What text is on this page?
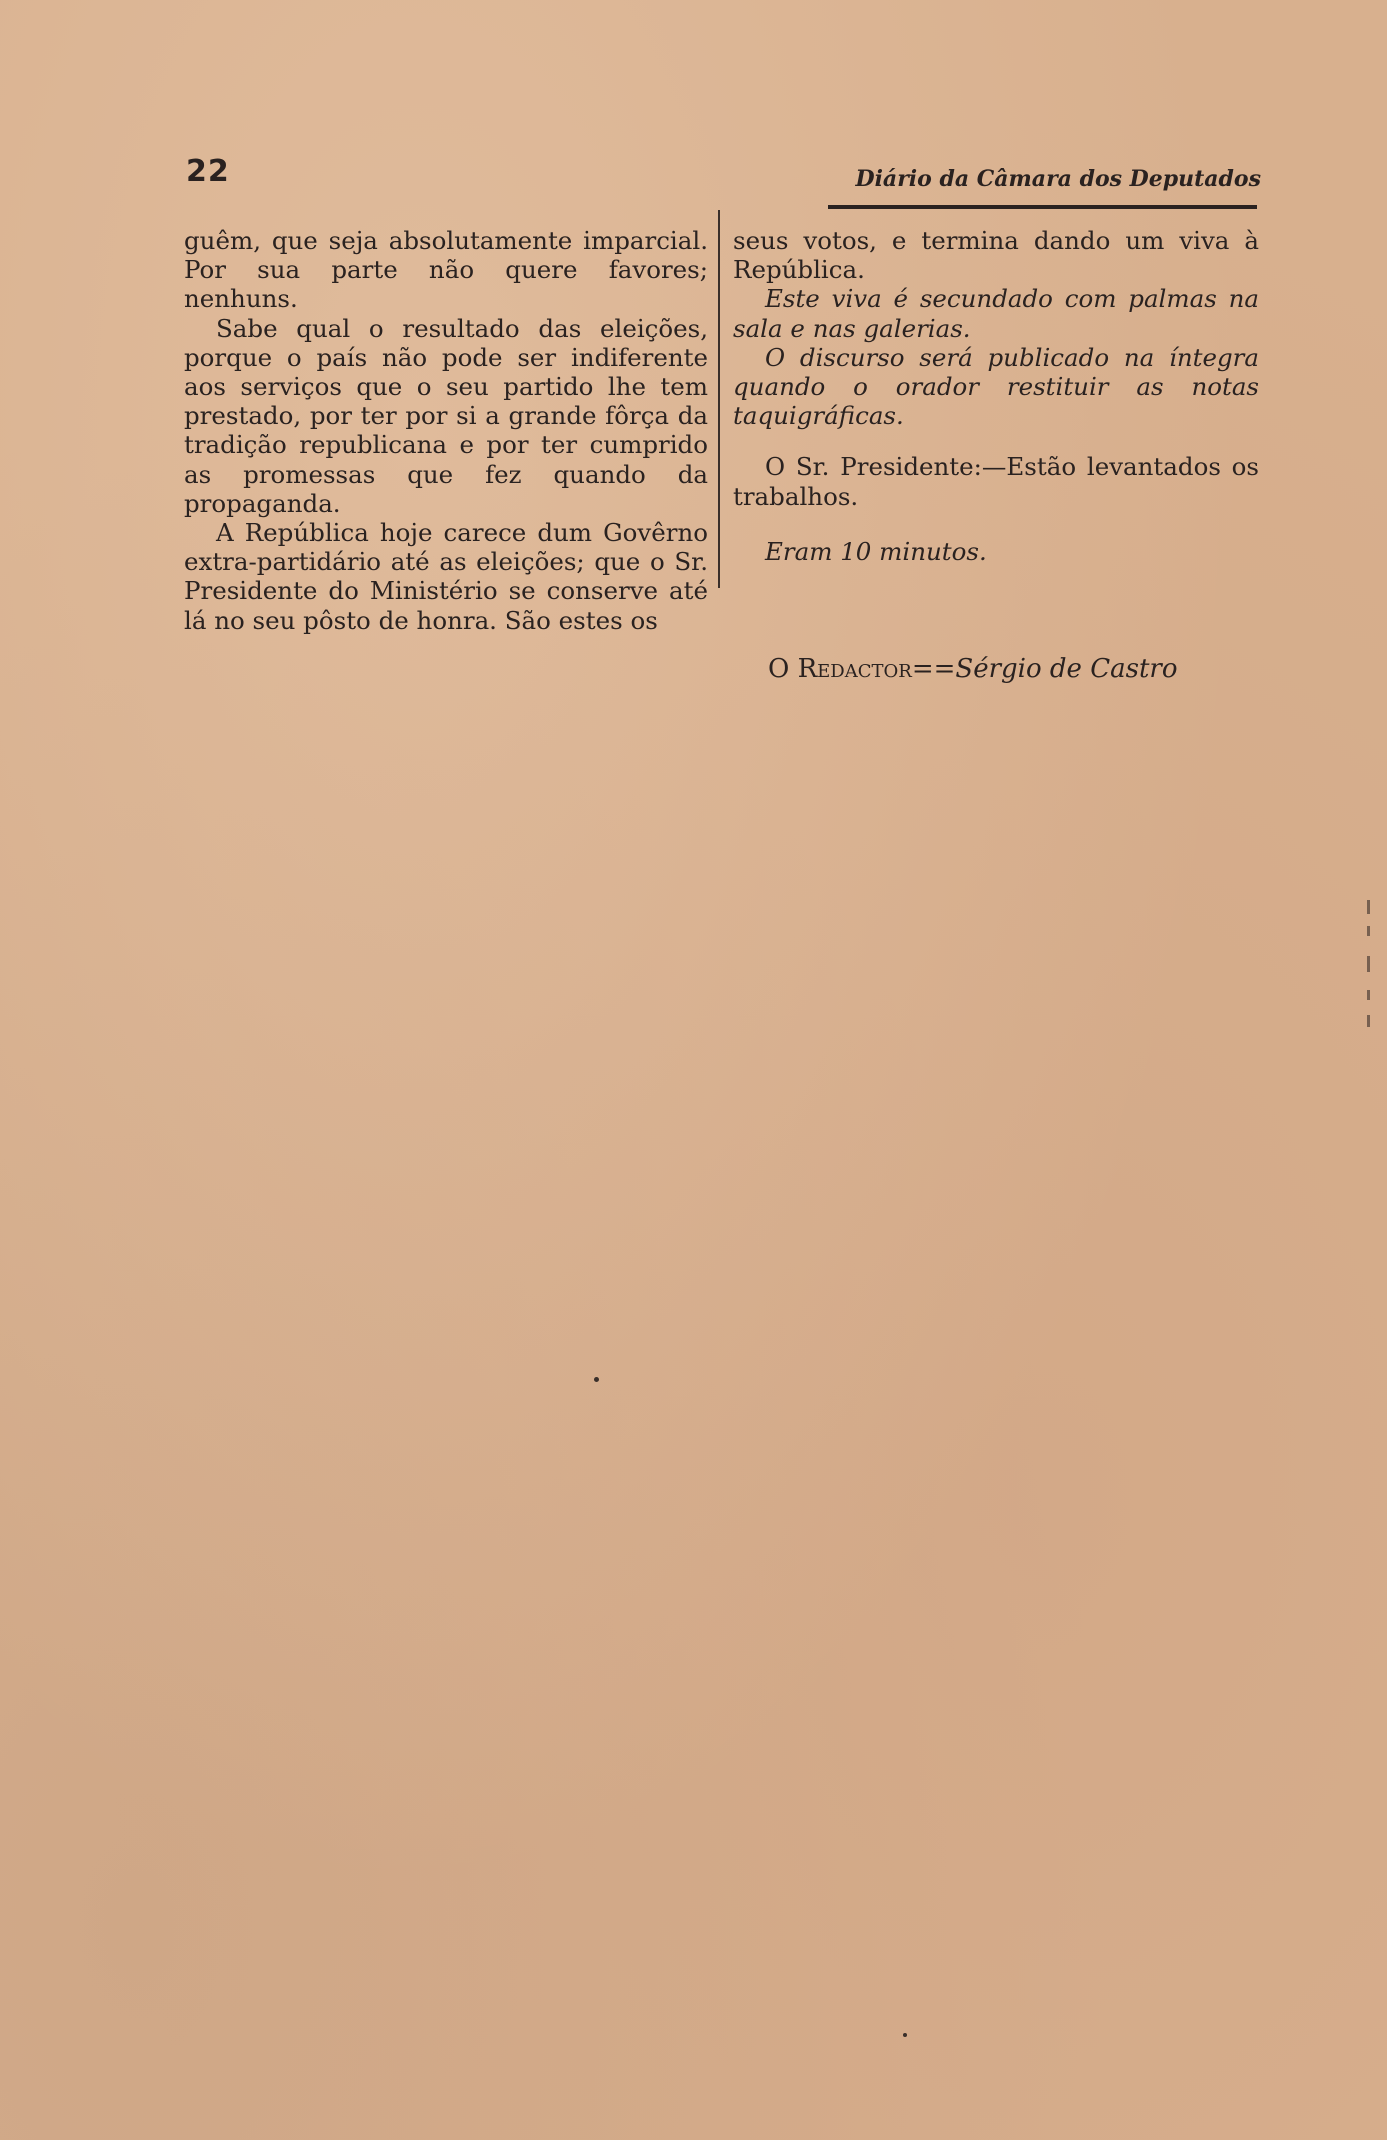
22	Diário da Câmara dos Deputados

guêm, que seja absolutamente imparcial. Por sua parte não quere favores; nenhuns.

Sabe qual o resultado das eleições, porque o país não pode ser indiferente aos serviços que o seu partido lhe tem prestado, por ter por si a grande fôrça da tradição republicana e por ter cumprido as promessas que fez quando da propaganda.

A República hoje carece dum Govêrno extra-partidário até as eleições; que o Sr. Presidente do Ministério se conserve até lá no seu pôsto de honra. São estes os

seus votos, e termina dando um viva à República.

Este viva é secundado com palmas na sala e nas galerias.

O discurso será publicado na íntegra quando o orador restituir as notas taquigráficas.

O Sr. Presidente:—Estão levantados os trabalhos.

Eram 10 minutos.

O Redactor==Sérgio de Castro
